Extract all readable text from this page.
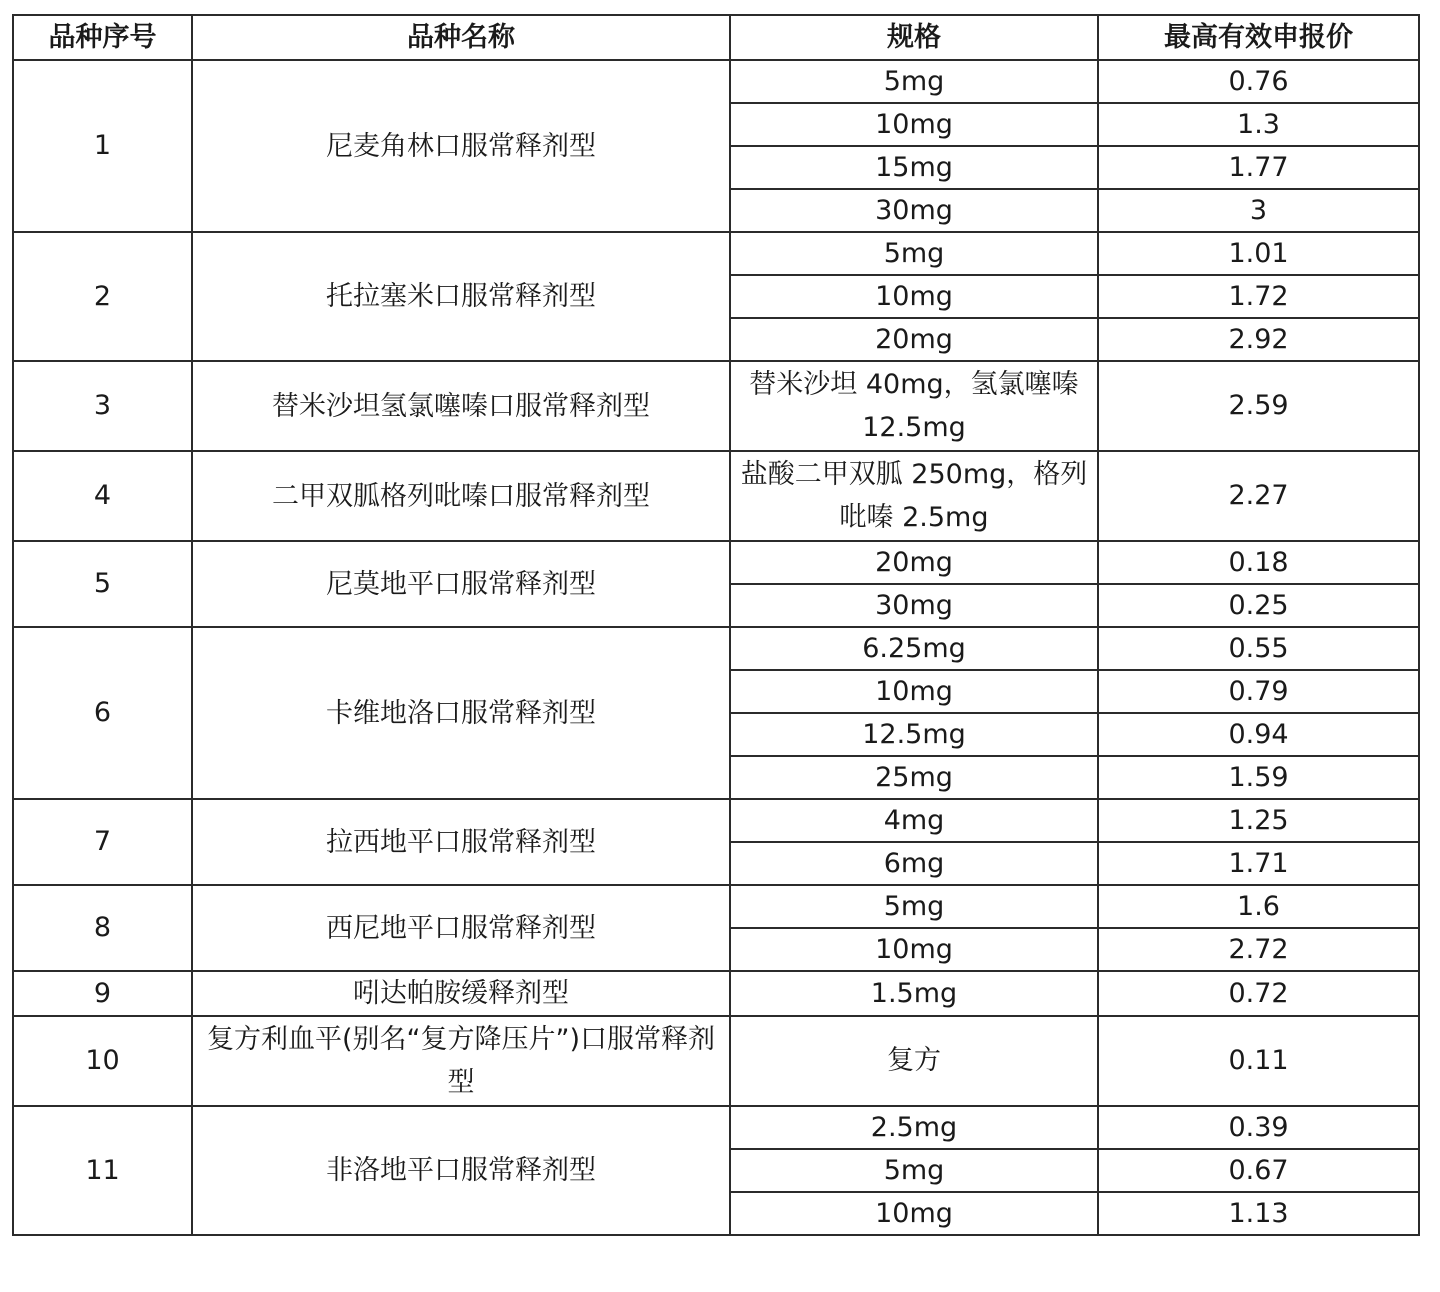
品种序号	品种名称	规格	最高有效申报价
1	尼麦角林口服常释剂型	5mg	0.76
		10mg	1.3
		15mg	1.77
		30mg	3
2	托拉塞米口服常释剂型	5mg	1.01
		10mg	1.72
		20mg	2.92
3	替米沙坦氢氯噻嗪口服常释剂型	替米沙坦 40mg，氢氯噻嗪 12.5mg	2.59
4	二甲双胍格列吡嗪口服常释剂型	盐酸二甲双胍 250mg，格列吡嗪 2.5mg	2.27
5	尼莫地平口服常释剂型	20mg	0.18
		30mg	0.25
6	卡维地洛口服常释剂型	6.25mg	0.55
		10mg	0.79
		12.5mg	0.94
		25mg	1.59
7	拉西地平口服常释剂型	4mg	1.25
		6mg	1.71
8	西尼地平口服常释剂型	5mg	1.6
		10mg	2.72
9	吲达帕胺缓释剂型	1.5mg	0.72
10	复方利血平(别名“复方降压片”)口服常释剂型	复方	0.11
11	非洛地平口服常释剂型	2.5mg	0.39
		5mg	0.67
		10mg	1.13
